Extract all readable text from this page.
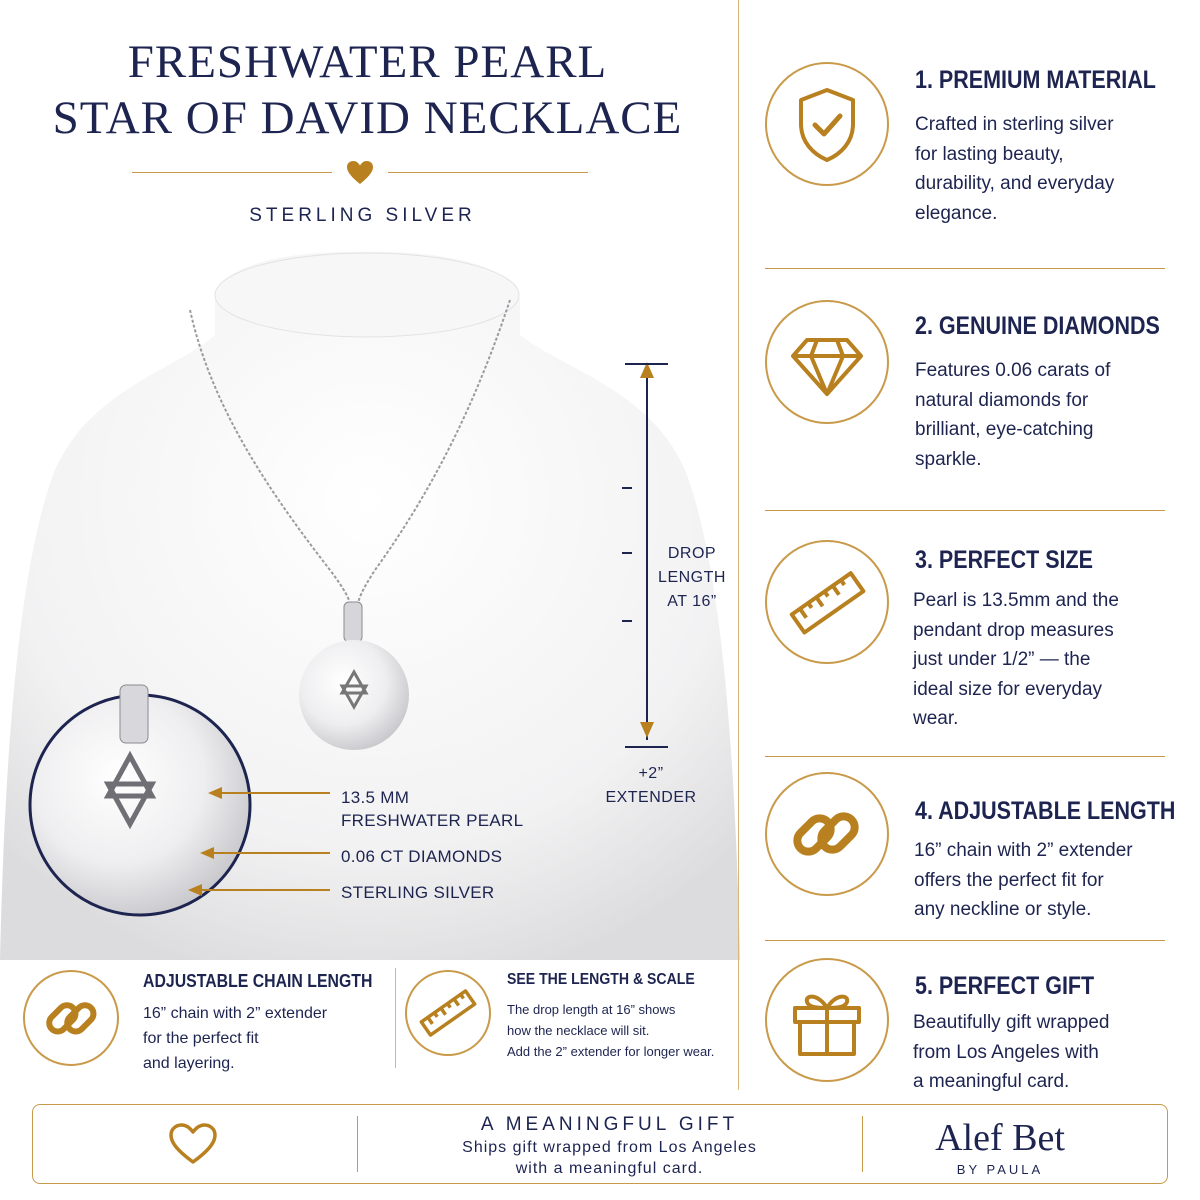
FRESHWATER PEARL
STAR OF DAVID NECKLACE
STERLING SILVER
13.5 MM
FRESHWATER PEARL
0.06 CT DIAMONDS
STERLING SILVER
DROP
LENGTH
AT 16”
+2”
EXTENDER
ADJUSTABLE CHAIN LENGTH
16” chain with 2” extender
for the perfect fit
and layering.
SEE THE LENGTH & SCALE
The drop length at 16” shows
how the necklace will sit.
Add the 2” extender for longer wear.
1. PREMIUM MATERIAL
Crafted in sterling silver
for lasting beauty,
durability, and everyday
elegance.
2. GENUINE DIAMONDS
Features 0.06 carats of
natural diamonds for
brilliant, eye-catching
sparkle.
3. PERFECT SIZE
Pearl is 13.5mm and the
pendant drop measures
just under 1/2” — the
ideal size for everyday
wear.
4. ADJUSTABLE LENGTH
16” chain with 2” extender
offers the perfect fit for
any neckline or style.
5. PERFECT GIFT
Beautifully gift wrapped
from Los Angeles with
a meaningful card.
A MEANINGFUL GIFT
Ships gift wrapped from Los Angeles
with a meaningful card.
Alef Bet
BY PAULA
